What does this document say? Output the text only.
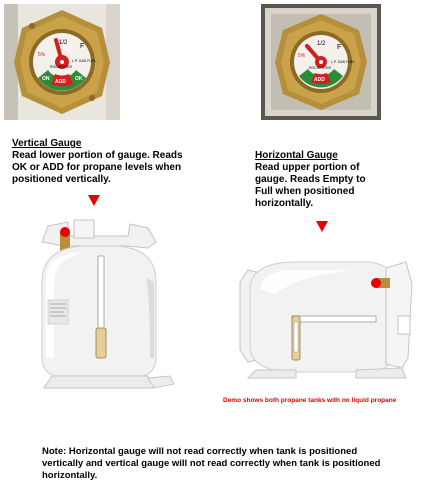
1/2 F
5%
ROCHESTER
L.P. GAS FUEL
ON ADD OK
1/2 F
5%
ROCHESTER
L.P. GAS FUEL
ADD
Vertical Gauge
Read lower portion of gauge. Reads
OK or ADD for propane levels when
positioned vertically.
Horizontal Gauge
Read upper portion of
gauge. Reads Empty to
Full when positioned
horizontally.
Demo shows both propane tanks with no liquid propane
Note: Horizontal gauge will not read correctly when tank is positioned
vertically and vertical gauge will not read correctly when tank is positioned
horizontally.
